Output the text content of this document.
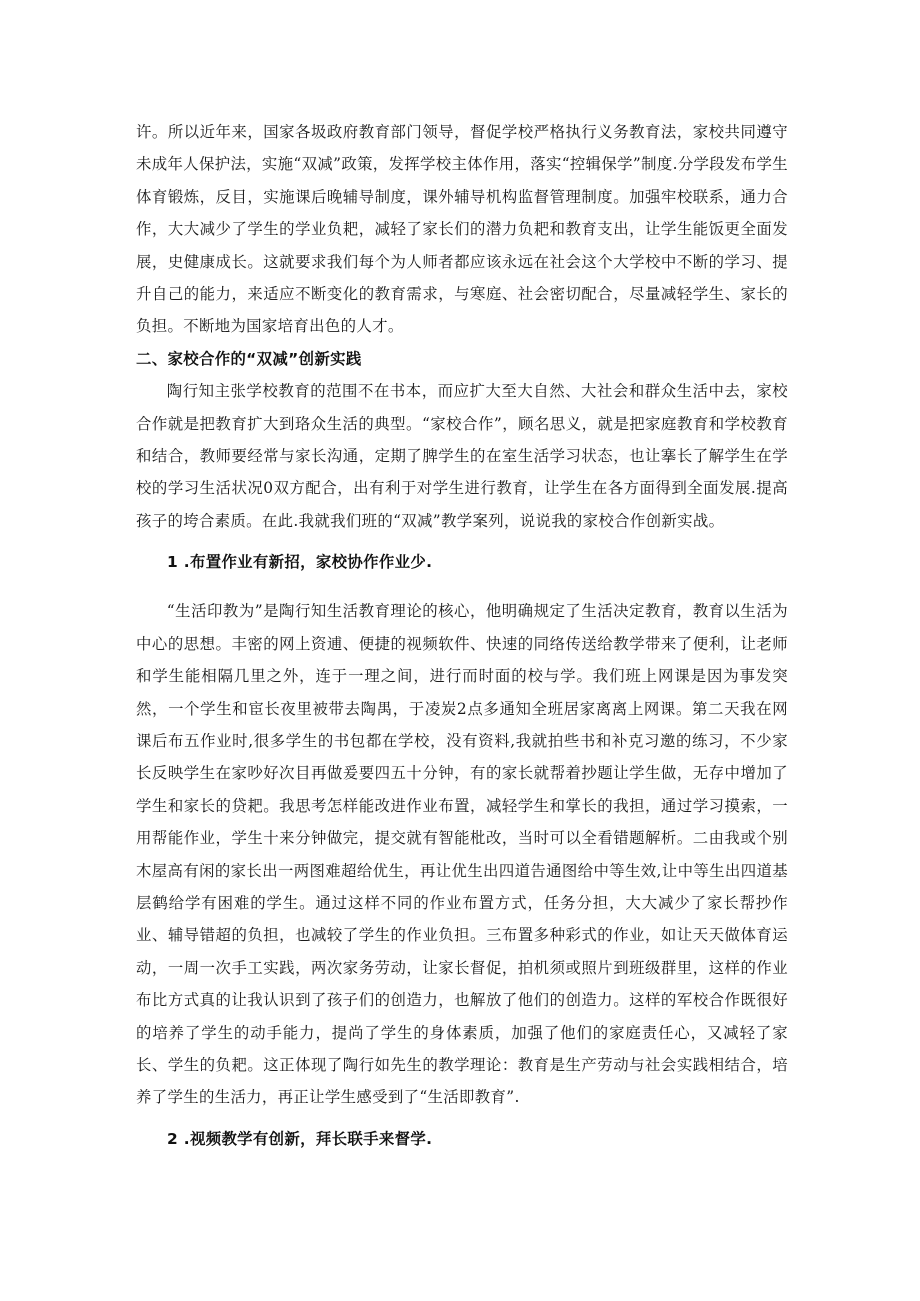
许。所以近年来，国家各圾政府教育部门领导，督促学校严格执行义务教育法，家校共同遵守未成年人保护法，实施“双减”政策，发挥学校主体作用，落实“控辑保学”制度.分学段发布学生体育锻炼，反目，实施课后晚辅导制度，课外辅导机构监督管理制度。加强牢校联系，通力合作，大大减少了学生的学业负耙，减轻了家长们的潜力负耙和教育支出，让学生能饭更全面发展，史健康成长。这就要求我们每个为人师者都应该永远在社会这个大学校中不断的学习、提升自己的能力，来适应不断变化的教育需求，与寒庭、社会密切配合，尽量减轻学生、家长的负担。不断地为国家培育出色的人才。

二、家校合作的“双减”创新实践

陶行知主张学校教育的范围不在书本，而应扩大至大自然、大社会和群众生活中去，家校合作就是把教育扩大到珞众生活的典型。“家校合作”，顾名思义，就是把家庭教育和学校教育和结合，教师要经常与家长沟通，定期了脾学生的在室生活学习状态，也让搴长了解学生在学校的学习生活状况0双方配合，出有利于对学生进行教育，让学生在各方面得到全面发展.提高孩子的垮合素质。在此.我就我们班的“双减”教学案列，说说我的家校合作创新实战。

1 .布置作业有新招，家校协作作业少.

“生活印教为”是陶行知生活教育理论的核心，他明确规定了生活决定教育，教育以生活为中心的思想。丰密的网上资逋、便捷的视频软件、快速的同络传送给教学带来了便利，让老师和学生能相隔几里之外，连于一理之间，进行而时面的校与学。我们班上网课是因为事发突然，一个学生和宦长夜里被带去陶禺，于凌炭2点多通知全班居家离离上网课。第二天我在网课后布五作业时,很多学生的书包都在学校，没有资料,我就拍些书和补克习邀的练习，不少家长反映学生在家吵好次目再做爰要四五十分钟，有的家长就帮着抄题让学生做，无存中增加了学生和家长的贷耙。我思考怎样能改进作业布置，减轻学生和掌长的我担，通过学习摸索，一用帮能作业，学生十来分钟做完，提交就有智能枇改，当时可以全看错题解析。二由我或个别木屋高有闲的家长出一两图难超给优生，再让优生出四道告通图给中等生效,让中等生出四道基层鹤给学有困难的学生。通过这样不同的作业布置方式，任务分担，大大减少了家长帮抄作业、辅导错超的负担，也减较了学生的作业负担。三布置多种彩式的作业，如让天天做体育运动，一周一次手工实践，两次家务劳动，让家长督促，拍机须或照片到班级群里，这样的作业布比方式真的让我认识到了孩子们的创造力，也解放了他们的创造力。这样的军校合作既很好的培养了学生的动手能力，提尚了学生的身体素质，加强了他们的家庭责任心，又减轻了家长、学生的负耙。这正体现了陶行如先生的教学理论：教育是生产劳动与社会实践相结合，培养了学生的生活力，再正让学生感受到了“生活即教育”.

2 .视频教学有创新，拜长联手来督学.
